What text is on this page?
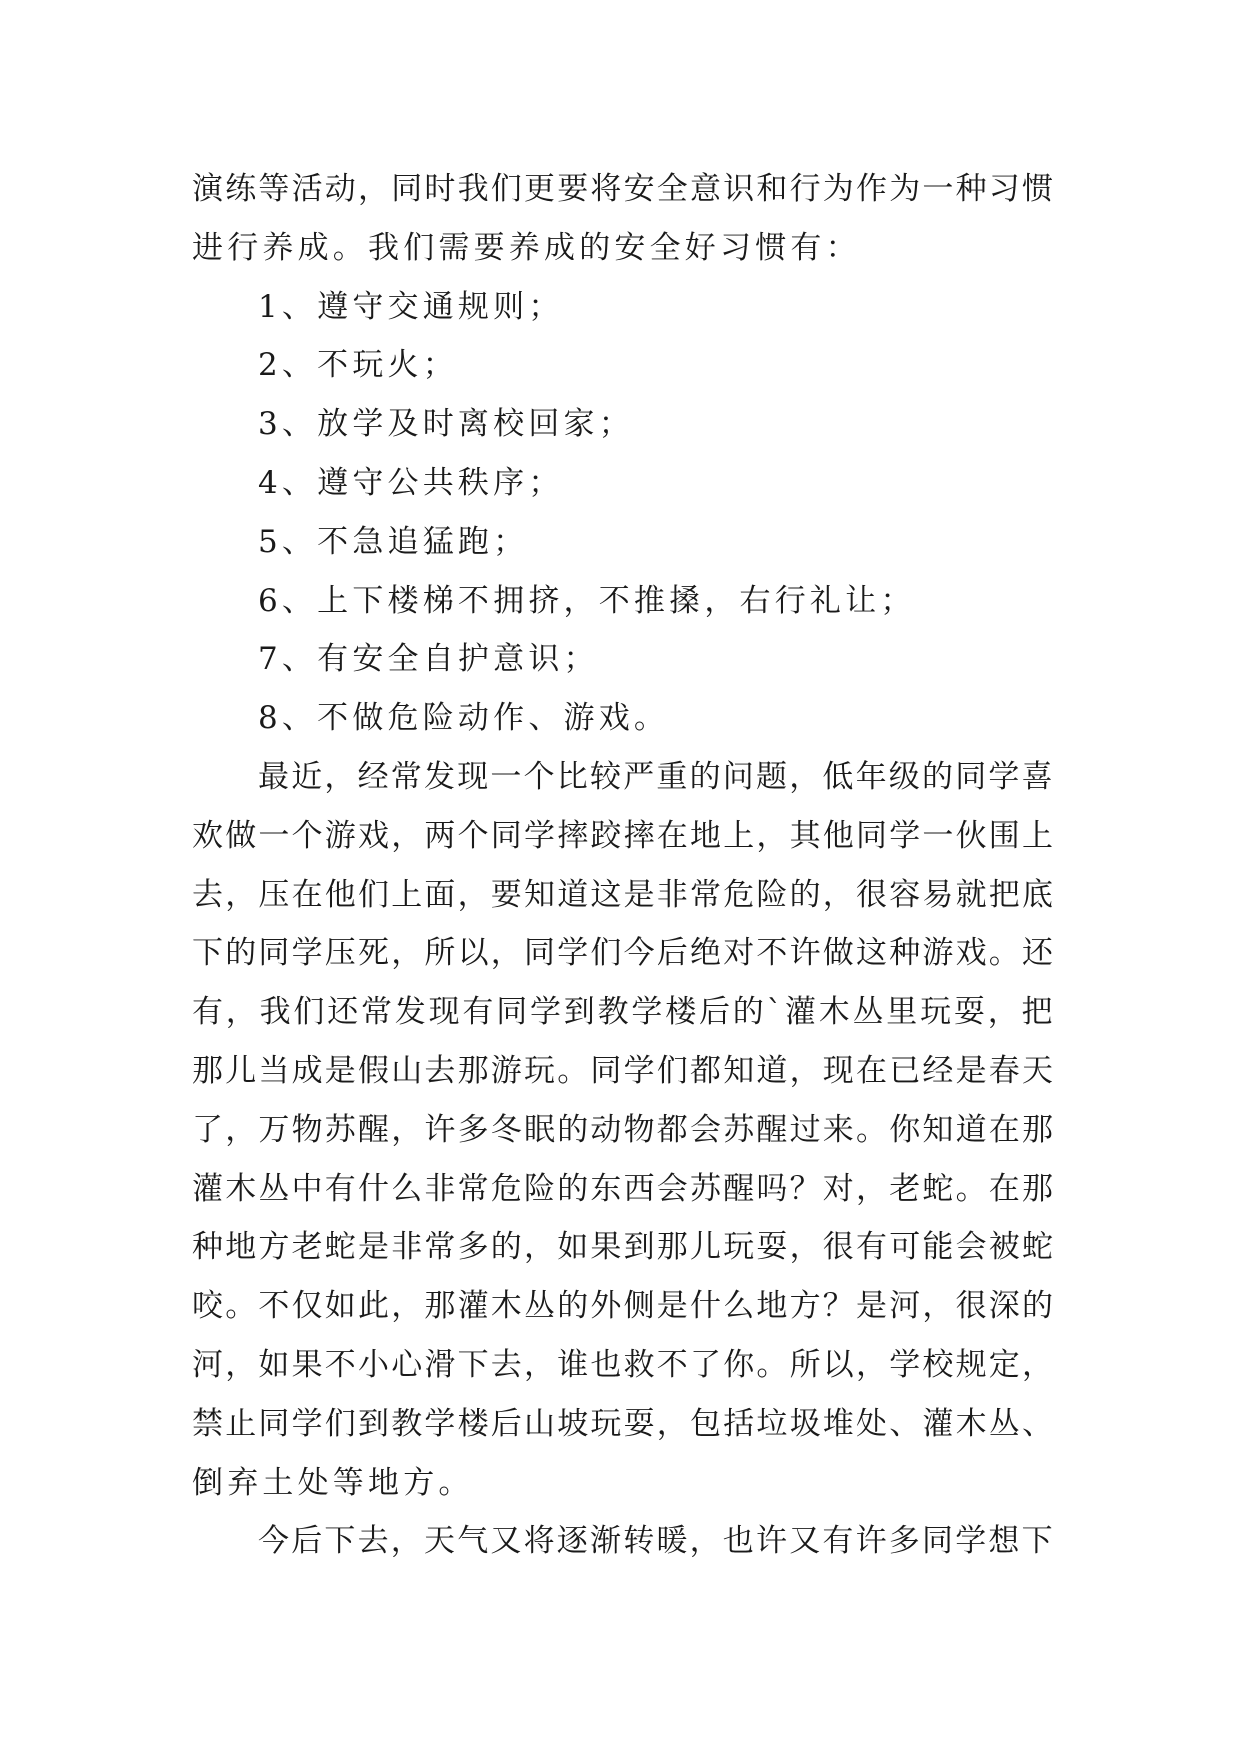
演练等活动，同时我们更要将安全意识和行为作为一种习惯
进行养成。我们需要养成的安全好习惯有：
1、遵守交通规则；
2、不玩火；
3、放学及时离校回家；
4、遵守公共秩序；
5、不急追猛跑；
6、上下楼梯不拥挤，不推搡，右行礼让；
7、有安全自护意识；
8、不做危险动作、游戏。
最近，经常发现一个比较严重的问题，低年级的同学喜
欢做一个游戏，两个同学摔跤摔在地上，其他同学一伙围上
去，压在他们上面，要知道这是非常危险的，很容易就把底
下的同学压死，所以，同学们今后绝对不许做这种游戏。还
有，我们还常发现有同学到教学楼后的`灌木丛里玩耍，把
那儿当成是假山去那游玩。同学们都知道，现在已经是春天
了，万物苏醒，许多冬眠的动物都会苏醒过来。你知道在那
灌木丛中有什么非常危险的东西会苏醒吗？对，老蛇。在那
种地方老蛇是非常多的，如果到那儿玩耍，很有可能会被蛇
咬。不仅如此，那灌木丛的外侧是什么地方？是河，很深的
河，如果不小心滑下去，谁也救不了你。所以，学校规定，
禁止同学们到教学楼后山坡玩耍，包括垃圾堆处、灌木丛、
倒弃土处等地方。
今后下去，天气又将逐渐转暖，也许又有许多同学想下
